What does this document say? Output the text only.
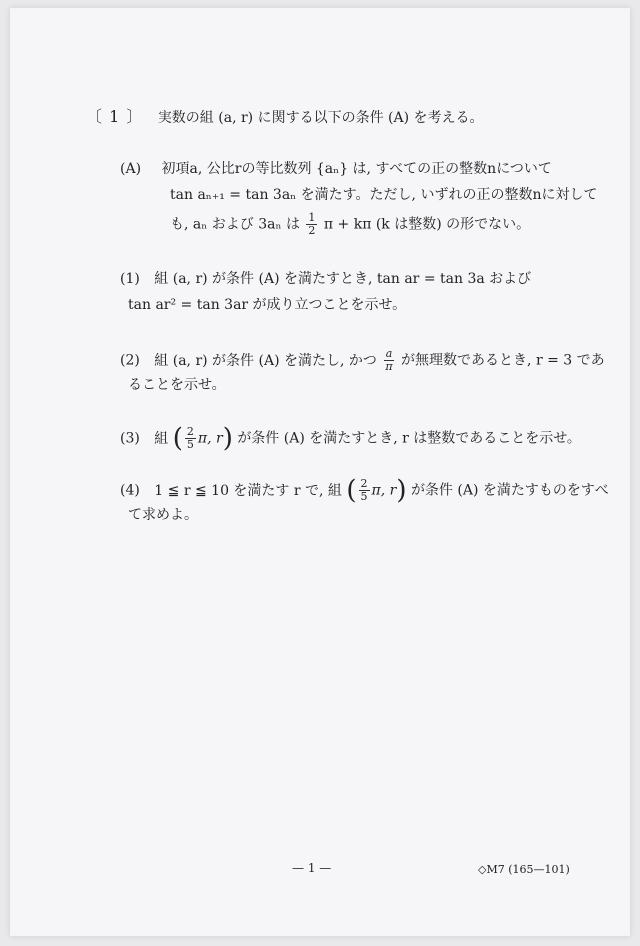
〔 1 〕 実数の組 (a, r) に関する以下の条件 (A) を考える。
(A) 初項a, 公比rの等比数列 {aₙ} は, すべての正の整数nについて
tan aₙ₊₁ = tan 3aₙ を満たす。ただし, いずれの正の整数nに対して
も, aₙ および 3aₙ は $\frac{1}{2}$ π + kπ (k は整数) の形でない。
(1) 組 (a, r) が条件 (A) を満たすとき, tan ar = tan 3a および
tan ar² = tan 3ar が成り立つことを示せ。
(2) 組 (a, r) が条件 (A) を満たし, かつ $\frac{a}{\pi}$ が無理数であるとき, r = 3 であ
ることを示せ。
(3) 組 ( $\frac{2}{5} \pi$, r) が条件 (A) を満たすとき, r は整数であることを示せ。
(4) 1 ≦ r ≦ 10 を満たす r で, 組 ( $\frac{2}{5} \pi$, r) が条件 (A) を満たすものをすべ
て求めよ。
— 1 —	◇M7 (165—101)
